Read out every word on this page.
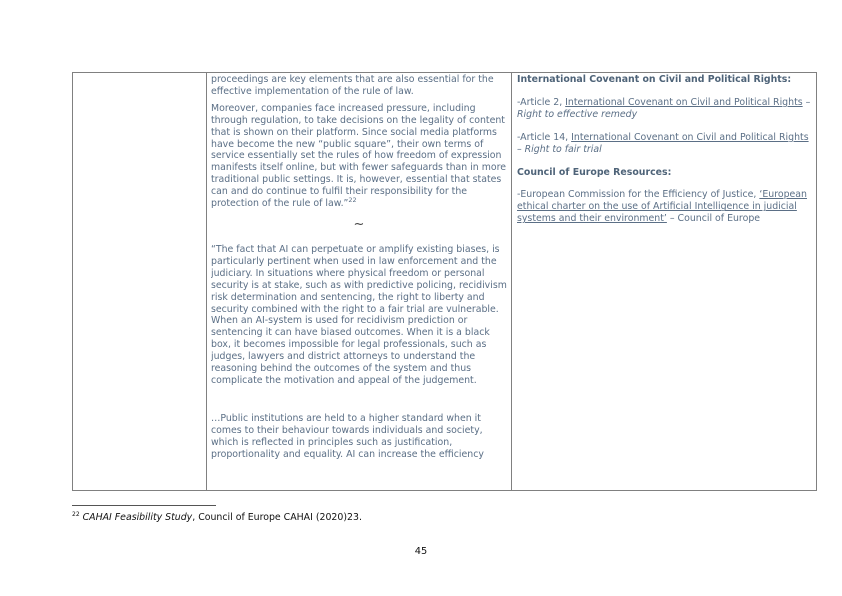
proceedings are key elements that are also essential for the effective implementation of the rule of law.

Moreover, companies face increased pressure, including through regulation, to take decisions on the legality of content that is shown on their platform. Since social media platforms have become the new “public square”, their own terms of service essentially set the rules of how freedom of expression manifests itself online, but with fewer safeguards than in more traditional public settings. It is, however, essential that states can and do continue to fulfil their responsibility for the protection of the rule of law.”$^{22}$

~

“The fact that AI can perpetuate or amplify existing biases, is particularly pertinent when used in law enforcement and the judiciary. In situations where physical freedom or personal security is at stake, such as with predictive policing, recidivism risk determination and sentencing, the right to liberty and security combined with the right to a fair trial are vulnerable. When an AI-system is used for recidivism prediction or sentencing it can have biased outcomes. When it is a black box, it becomes impossible for legal professionals, such as judges, lawyers and district attorneys to understand the reasoning behind the outcomes of the system and thus complicate the motivation and appeal of the judgement.

…Public institutions are held to a higher standard when it comes to their behaviour towards individuals and society, which is reflected in principles such as justification, proportionality and equality. AI can increase the efficiency

International Covenant on Civil and Political Rights:

-Article 2, International Covenant on Civil and Political Rights – Right to effective remedy

-Article 14, International Covenant on Civil and Political Rights – Right to fair trial

Council of Europe Resources:

-European Commission for the Efficiency of Justice, ‘European ethical charter on the use of Artificial Intelligence in judicial systems and their environment’ – Council of Europe

$^{22}$ CAHAI Feasibility Study, Council of Europe CAHAI (2020)23.
45
